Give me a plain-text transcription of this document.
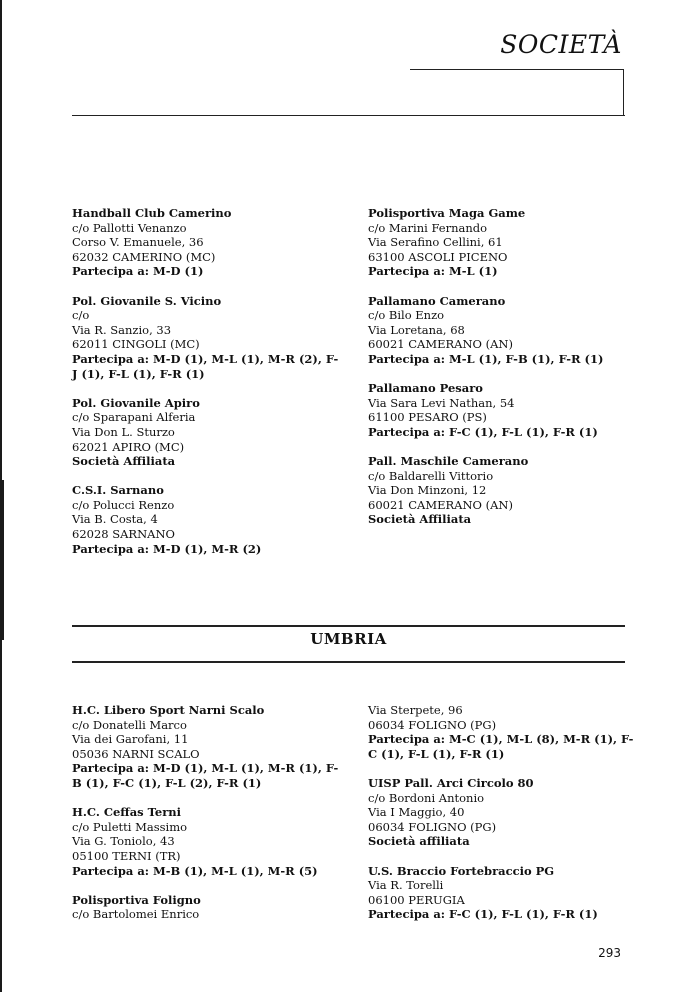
SOCIETÀ
Handball Club Camerino
c/o Pallotti Venanzo
Corso V. Emanuele, 36
62032 CAMERINO (MC)
Partecipa a: M-D (1)
Pol. Giovanile S. Vicino
c/o
Via R. Sanzio, 33
62011 CINGOLI (MC)
Partecipa a: M-D (1), M-L (1), M-R (2), F-J (1), F-L (1), F-R (1)
Pol. Giovanile Apiro
c/o Sparapani Alferia
Via Don L. Sturzo
62021 APIRO (MC)
Società Affiliata
C.S.I. Sarnano
c/o Polucci Renzo
Via B. Costa, 4
62028 SARNANO
Partecipa a: M-D (1), M-R (2)
Polisportiva Maga Game
c/o Marini Fernando
Via Serafino Cellini, 61
63100 ASCOLI PICENO
Partecipa a: M-L (1)
Pallamano Camerano
c/o Bilo Enzo
Via Loretana, 68
60021 CAMERANO (AN)
Partecipa a: M-L (1), F-B (1), F-R (1)
Pallamano Pesaro
Via Sara Levi Nathan, 54
61100 PESARO (PS)
Partecipa a: F-C (1), F-L (1), F-R (1)
Pall. Maschile Camerano
c/o Baldarelli Vittorio
Via Don Minzoni, 12
60021 CAMERANO (AN)
Società Affiliata
UMBRIA
H.C. Libero Sport Narni Scalo
c/o Donatelli Marco
Via dei Garofani, 11
05036 NARNI SCALO
Partecipa a: M-D (1), M-L (1), M-R (1), F-B (1), F-C (1), F-L (2), F-R (1)
H.C. Ceffas Terni
c/o Puletti Massimo
Via G. Toniolo, 43
05100 TERNI (TR)
Partecipa a: M-B (1), M-L (1), M-R (5)
Polisportiva Foligno
c/o Bartolomei Enrico
Via Sterpete, 96
06034 FOLIGNO (PG)
Partecipa a: M-C (1), M-L (8), M-R (1), F-C (1), F-L (1), F-R (1)
UISP Pall. Arci Circolo 80
c/o Bordoni Antonio
Via I Maggio, 40
06034 FOLIGNO (PG)
Società affiliata
U.S. Braccio Fortebraccio PG
Via R. Torelli
06100 PERUGIA
Partecipa a: F-C (1), F-L (1), F-R (1)
293
